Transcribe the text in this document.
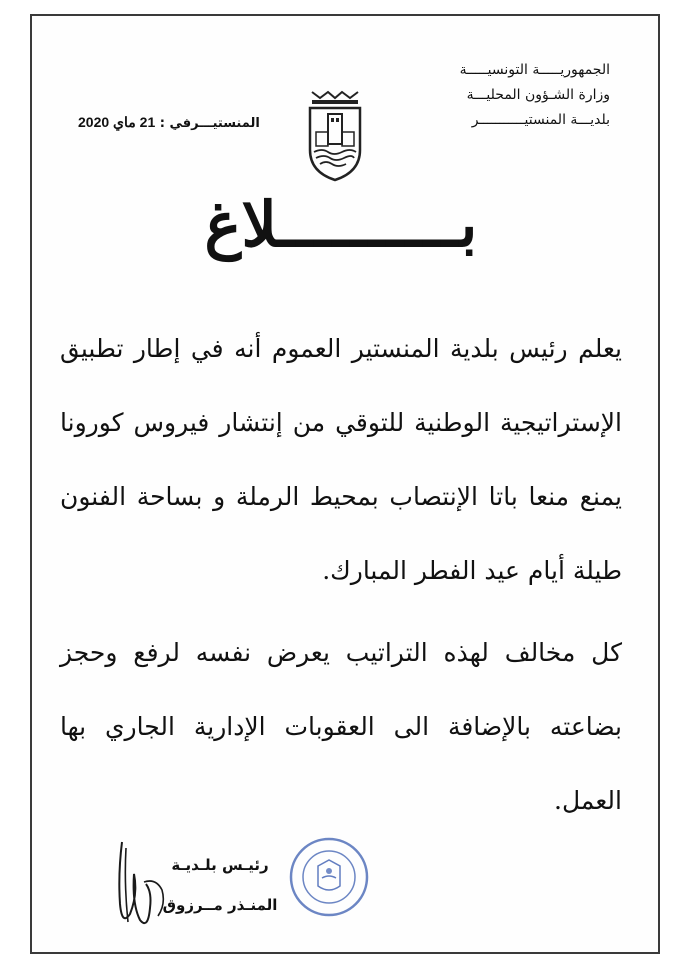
الجمهوريـــــة التونسيـــــة
وزارة الشـؤون المحليـــة
بلديـــة المنستيـــــــــــر
المنستيـــرفي : 21 ماي 2020
بــــــــــلاغ

يعلم رئيس بلدية المنستير العموم أنه في إطار تطبيق الإستراتيجية الوطنية للتوقي من إنتشار فيروس كورونا يمنع منعا باتا الإنتصاب بمحيط الرملة و بساحة الفنون طيلة أيام عيد الفطر المبارك.

كل مخالف لهذه التراتيب يعرض نفسه لرفع وحجز بضاعته بالإضافة الى العقوبات الإدارية الجاري بها العمل.

رئيـس بلـديـة
المنـذر مــرزوق
